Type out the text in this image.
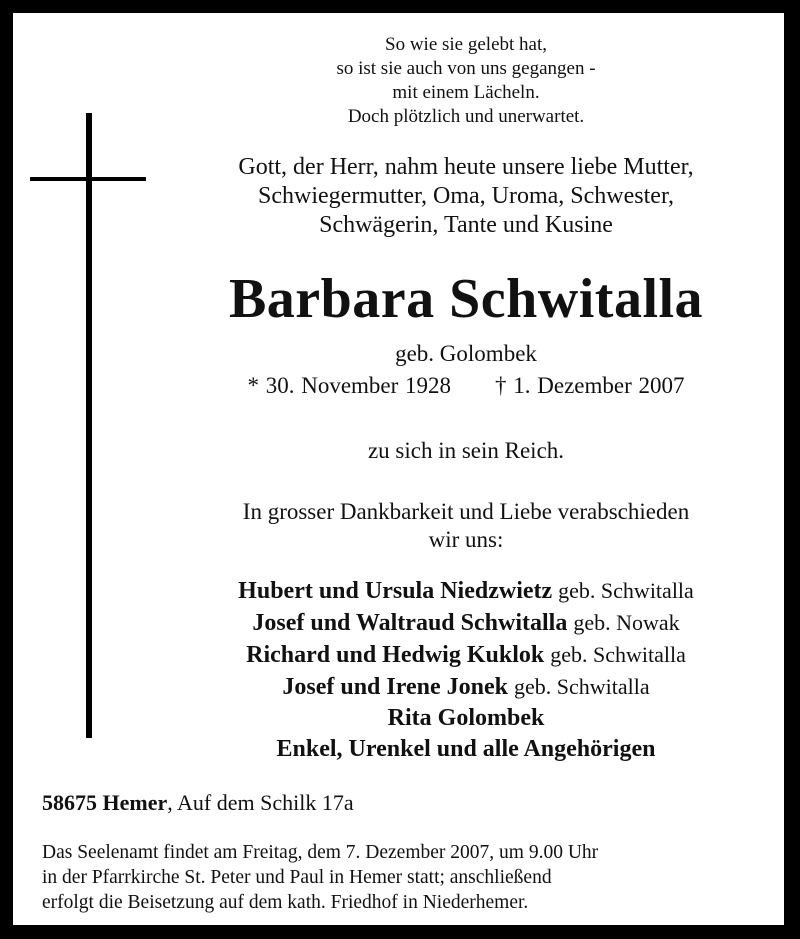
So wie sie gelebt hat,
so ist sie auch von uns gegangen -
mit einem Lächeln.
Doch plötzlich und unerwartet.
Gott, der Herr, nahm heute unsere liebe Mutter,
Schwiegermutter, Oma, Uroma, Schwester,
Schwägerin, Tante und Kusine
Barbara Schwitalla
geb. Golombek
* 30. November 1928 † 1. Dezember 2007
zu sich in sein Reich.
In grosser Dankbarkeit und Liebe verabschieden
wir uns:
Hubert und Ursula Niedzwietz geb. Schwitalla
Josef und Waltraud Schwitalla geb. Nowak
Richard und Hedwig Kuklok geb. Schwitalla
Josef und Irene Jonek geb. Schwitalla
Rita Golombek
Enkel, Urenkel und alle Angehörigen
58675 Hemer, Auf dem Schilk 17a
Das Seelenamt findet am Freitag, dem 7. Dezember 2007, um 9.00 Uhr
in der Pfarrkirche St. Peter und Paul in Hemer statt; anschließend
erfolgt die Beisetzung auf dem kath. Friedhof in Niederhemer.
